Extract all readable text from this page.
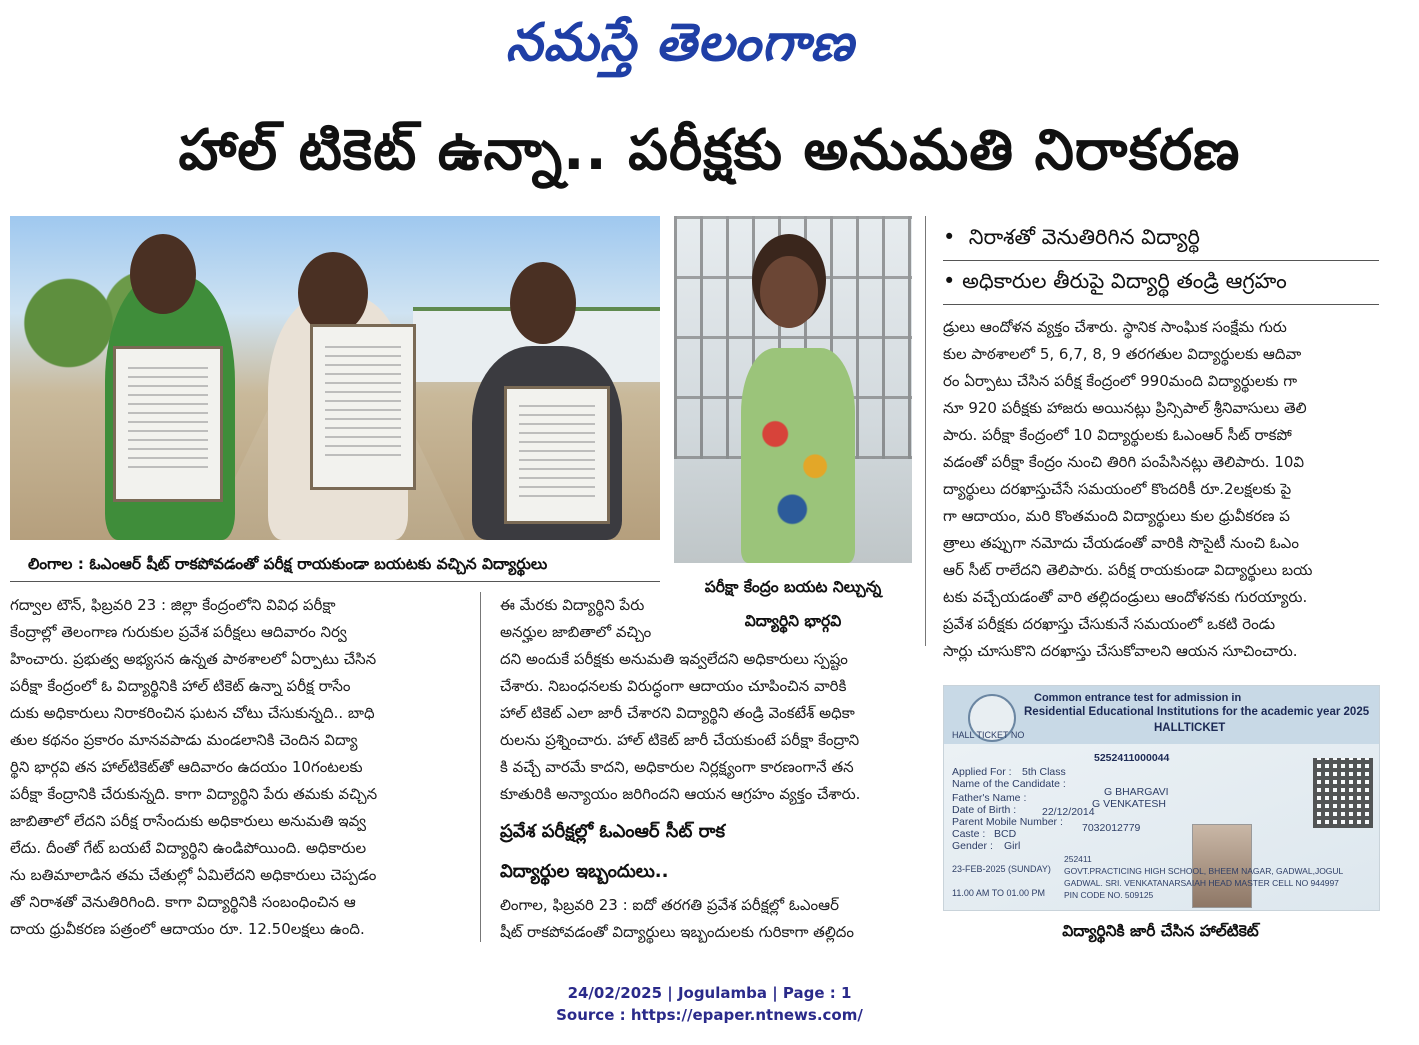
నమస్తే తెలంగాణ
హాల్ టికెట్ ఉన్నా.. పరీక్షకు అనుమతి నిరాకరణ
లింగాల : ఓఎంఆర్ షీట్ రాకపోవడంతో పరీక్ష రాయకుండా బయటకు వచ్చిన విద్యార్థులు
పరీక్షా కేంద్రం బయట నిల్చున్న
విద్యార్థిని భార్గవి
•  నిరాశతో వెనుతిరిగిన విద్యార్థి
• అధికారుల తీరుపై విద్యార్థి తండ్రి ఆగ్రహం
డ్రులు ఆందోళన వ్యక్తం చేశారు. స్థానిక సాంఘిక సంక్షేమ గురు
కుల పాఠశాలలో 5, 6,7, 8, 9 తరగతుల విద్యార్థులకు ఆదివా
రం ఏర్పాటు చేసిన పరీక్ష కేంద్రంలో 990మంది విద్యార్థులకు గా
నూ 920 పరీక్షకు హాజరు అయినట్లు ప్రిన్సిపాల్ శ్రీనివాసులు తెలి
పారు. పరీక్షా కేంద్రంలో 10 విద్యార్థులకు ఓఎంఆర్ సీట్ రాకపో
వడంతో పరీక్షా కేంద్రం నుంచి తిరిగి పంపేసినట్లు తెలిపారు. 10వి
ద్యార్థులు దరఖాస్తుచేసే సమయంలో కొందరికీ రూ.2లక్షలకు పై
గా ఆదాయం, మరి కొంతమంది విద్యార్థులు కుల ధ్రువీకరణ ప
త్రాలు తప్పుగా నమోదు చేయడంతో వారికి సొసైటీ నుంచి ఓఎం
ఆర్ సీట్ రాలేదని తెలిపారు. పరీక్ష రాయకుండా విద్యార్థులు బయ
టకు వచ్చేయడంతో వారి తల్లిదండ్రులు ఆందోళనకు గురయ్యారు.
ప్రవేశ పరీక్షకు దరఖాస్తు చేసుకునే సమయంలో ఒకటి రెండు
సార్లు చూసుకొని దరఖాస్తు చేసుకోవాలని ఆయన సూచించారు.
గద్వాల టౌన్, ఫిబ్రవరి 23 : జిల్లా కేంద్రంలోని వివిధ పరీక్షా
కేంద్రాల్లో తెలంగాణ గురుకుల ప్రవేశ పరీక్షలు ఆదివారం నిర్వ
హించారు. ప్రభుత్వ అభ్యసన ఉన్నత పాఠశాలలో ఏర్పాటు చేసిన
పరీక్షా కేంద్రంలో ఓ విద్యార్థినికి హాల్ టికెట్ ఉన్నా పరీక్ష రాసేం
దుకు అధికారులు నిరాకరించిన ఘటన చోటు చేసుకున్నది.. బాధి
తుల కథనం ప్రకారం మానవపాడు మండలానికి చెందిన విద్యా
ర్థిని భార్గవి తన హాల్‌టికెట్‌తో ఆదివారం ఉదయం 10గంటలకు
పరీక్షా కేంద్రానికి చేరుకున్నది. కాగా విద్యార్థిని పేరు తమకు వచ్చిన
జాబితాలో లేదని పరీక్ష రాసేందుకు అధికారులు అనుమతి ఇవ్వ
లేదు. దీంతో గేట్ బయటే విద్యార్థిని ఉండిపోయింది. అధికారుల
ను బతిమాలాడిన తమ చేతుల్లో ఏమిలేదని అధికారులు చెప్పడం
తో నిరాశతో వెనుతిరిగింది. కాగా విద్యార్థినికి సంబంధించిన ఆ
దాయ ధ్రువీకరణ పత్రంలో ఆదాయం రూ. 12.50లక్షలు ఉంది.
ఈ మేరకు విద్యార్థిని పేరు
అనర్హుల జాబితాలో వచ్చిం
దని అందుకే పరీక్షకు అనుమతి ఇవ్వలేదని అధికారులు స్పష్టం
చేశారు. నిబంధనలకు విరుద్ధంగా ఆదాయం చూపించిన వారికి
హాల్ టికెట్ ఎలా జారీ చేశారని విద్యార్థిని తండ్రి వెంకటేశ్ అధికా
రులను ప్రశ్నించారు. హాల్ టికెట్ జారీ చేయకుంటే పరీక్షా కేంద్రాని
కి వచ్చే వారమే కాదని, అధికారుల నిర్లక్ష్యంగా కారణంగానే తన
కూతురికి అన్యాయం జరిగిందని ఆయన ఆగ్రహం వ్యక్తం చేశారు.
ప్రవేశ పరీక్షల్లో ఓఎంఆర్ సీట్ రాక
విద్యార్థుల ఇబ్బందులు..
లింగాల, ఫిబ్రవరి 23 : ఐదో తరగతి ప్రవేశ పరీక్షల్లో ఓఎంఆర్
షీట్ రాకపోవడంతో విద్యార్థులు ఇబ్బందులకు గురికాగా తల్లిదం
Common entrance test for admission in
Residential Educational Institutions for the academic year 2025
HALLTICKET
HALL TICKET NO
5252411000044
Applied For : 5th Class
Name of the Candidate :
G BHARGAVI
Father's Name :	G VENKATESH
Date of Birth : 22/12/2014
Parent Mobile Number : 7032012779
Caste : BCD
Gender : Girl
23-FEB-2025 (SUNDAY)
11.00 AM TO 01.00 PM
252411
GOVT.PRACTICING HIGH SCHOOL, BHEEM NAGAR, GADWAL,JOGUL
GADWAL. SRI. VENKATANARSAIAH HEAD MASTER CELL NO 944997
PIN CODE NO. 509125
విద్యార్థినికి జారీ చేసిన హాల్‌టికెట్
24/02/2025 | Jogulamba | Page : 1
Source : https://epaper.ntnews.com/
